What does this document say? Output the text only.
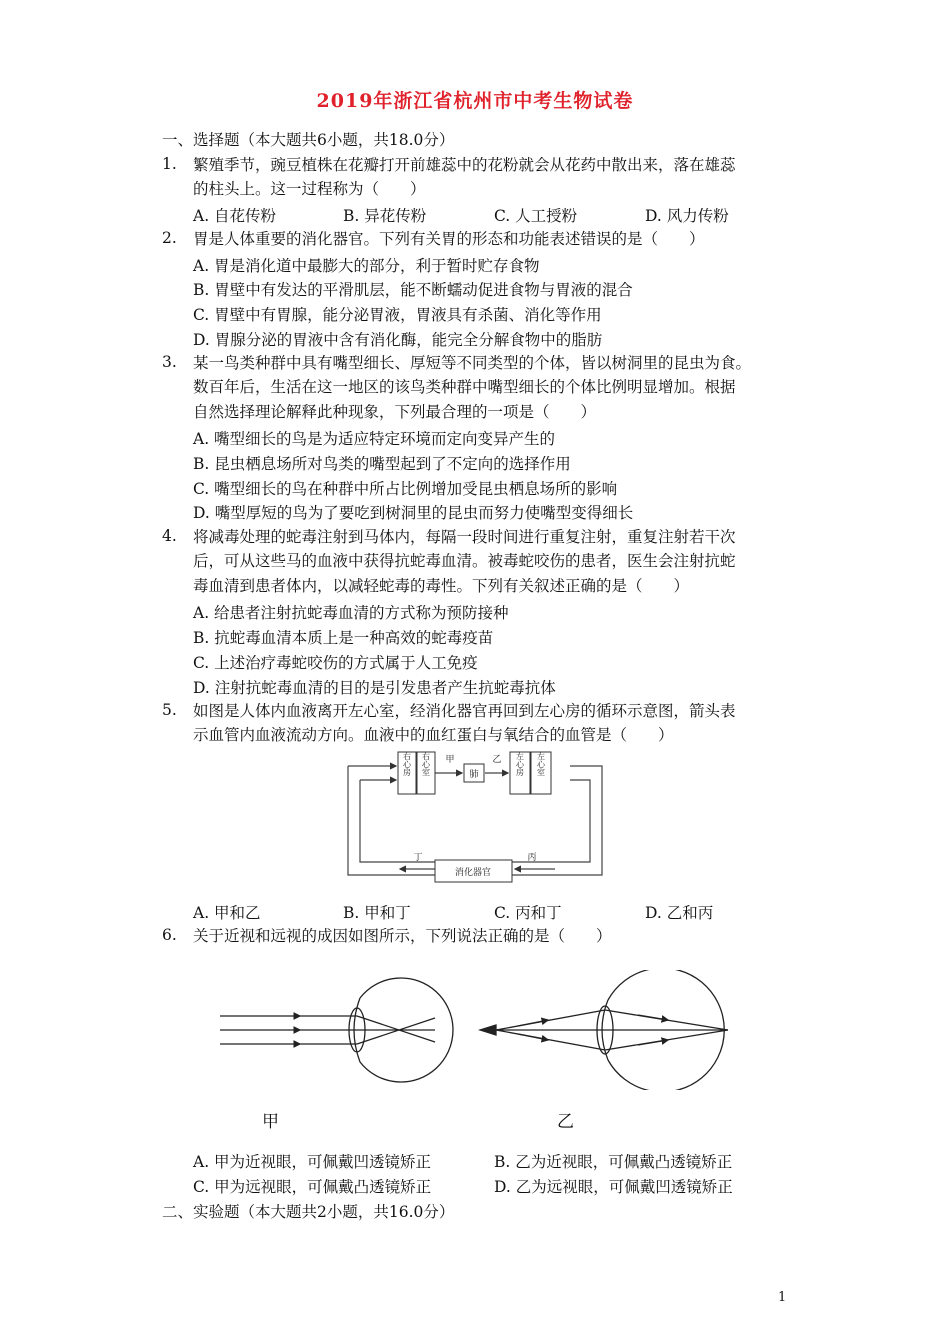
2019年浙江省杭州市中考生物试卷
一、选择题（本大题共6小题，共18.0分）
1. 繁殖季节，豌豆植株在花瓣打开前雄蕊中的花粉就会从花药中散出来，落在雄蕊
的柱头上。这一过程称为（　　）
A. 自花传粉	B. 异花传粉	C. 人工授粉	D. 风力传粉
2. 胃是人体重要的消化器官。下列有关胃的形态和功能表述错误的是（　　）
A. 胃是消化道中最膨大的部分，利于暂时贮存食物
B. 胃壁中有发达的平滑肌层，能不断蠕动促进食物与胃液的混合
C. 胃壁中有胃腺，能分泌胃液，胃液具有杀菌、消化等作用
D. 胃腺分泌的胃液中含有消化酶，能完全分解食物中的脂肪
3. 某一鸟类种群中具有嘴型细长、厚短等不同类型的个体，皆以树洞里的昆虫为食。
数百年后，生活在这一地区的该鸟类种群中嘴型细长的个体比例明显增加。根据
自然选择理论解释此种现象，下列最合理的一项是（　　）
A. 嘴型细长的鸟是为适应特定环境而定向变异产生的
B. 昆虫栖息场所对鸟类的嘴型起到了不定向的选择作用
C. 嘴型细长的鸟在种群中所占比例增加受昆虫栖息场所的影响
D. 嘴型厚短的鸟为了要吃到树洞里的昆虫而努力使嘴型变得细长
4. 将减毒处理的蛇毒注射到马体内，每隔一段时间进行重复注射，重复注射若干次
后，可从这些马的血液中获得抗蛇毒血清。被毒蛇咬伤的患者，医生会注射抗蛇
毒血清到患者体内，以减轻蛇毒的毒性。下列有关叙述正确的是（　　）
A. 给患者注射抗蛇毒血清的方式称为预防接种
B. 抗蛇毒血清本质上是一种高效的蛇毒疫苗
C. 上述治疗毒蛇咬伤的方式属于人工免疫
D. 注射抗蛇毒血清的目的是引发患者产生抗蛇毒抗体
5. 如图是人体内血液离开左心室，经消化器官再回到左心房的循环示意图，箭头表
示血管内血液流动方向。血液中的血红蛋白与氧结合的血管是（　　）
右心房 右心室	肺
甲	乙 左心房 左心室
消化器官
丁	丙
A. 甲和乙	B. 甲和丁	C. 丙和丁	D. 乙和丙
6. 关于近视和远视的成因如图所示，下列说法正确的是（　　）
甲	乙
A. 甲为近视眼，可佩戴凹透镜矫正	B. 乙为近视眼，可佩戴凸透镜矫正
C. 甲为远视眼，可佩戴凸透镜矫正	D. 乙为远视眼，可佩戴凹透镜矫正
二、实验题（本大题共2小题，共16.0分）
1
